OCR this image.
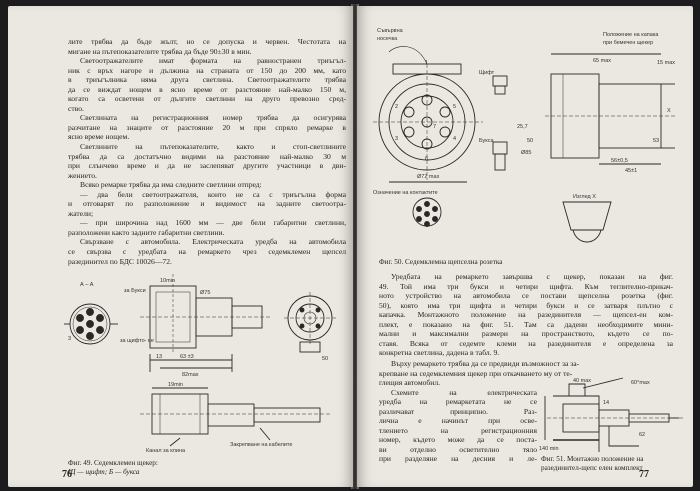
лите трябва да бъде жълт, но се допуска и червен. Честотата на
мигане на пътепоказателите трябва да бъде 90±30 в мин.
Светоотражателите имат формата на равностранен триъгъл-
ник с връх нагоре и дължина на страната от 150 до 200 мм, като
в триъгълника няма друга светлина. Светоотражателите трябва
да се виждат нощем в ясно време от разстояние най-малко 150 м,
когато са осветени от дългите светлини на друго превозно сред-
ство.
Светлината на регистрационния номер трябва да осигурява
разчитане на знаците от разстояние 20 м при спряло ремарке в
ясно време нощем.
Светлините на пътепоказателите, както и стоп-светлините
трябва да са достатъчно видими на разстояние най-малко 30 м
при слънчево време и да не заслепяват другите участници в дви-
жението.
Всяко ремарке трябва да има следните светлини отпред:
— два бели светоотражателя, които не са с триъгълна форма
и отговарят по разположение и видимост на задните светоотра-
жатели;
— при широчина над 1600 мм — две бели габаритни светлини,
разположени както задните габаритни светлини.
Свързване с автомобила. Електрическата уредба на автомобила
се свързва с уредбата на ремаркето чрез седемклемен щепсел
разединител по БДС 10026—72.
А – А
за Букси
за щифто- ве
10min
63 ±3
13
82max
19min
Ø75
50
3
Канал за клина
Закрепване на кабелите
Фиг. 49. Седемклемен щекер:
Щ — щифт; Б — букса
76
Съвървна
носечка
Положение на капака
при бемечен щекер
65 max	15 max
25,7
50
Ø72 max
45±1
Ø85
56±0,5
53
Букса
Щифт
Означение на контактите
Изглед X
X
1
2
3	4
5
6
7
Фиг. 50. Седемклемна щепселна розетка
Уредбата на ремаркето завършва с щекер, показан на фиг.
49. Той има три букси и четири щифта. Към теглително-прикач-
ното устройство на автомобила се постави щепселна розетка (фиг.
50), която има три щифта и четири букси и се затваря плътно с
капачка. Монтажното положение на разединителя — щепсел-ен ком-
плект, е показано на фиг. 51. Там са дадени необходимите мини-
мални и максимални размери на пространството, където се по-
ставя. Всяка от седемте клеми на разединителя е определена за
конкретна светлина, дадена в табл. 9.
Върху ремаркето трябва да се предвиди възможност за за-
крепване на седемклемния щекер при откачването му от те-
глещия автомобил.
Схемите на електрическата
уредба на ремаркетата не се
различават принципно. Раз-
лична е начинът при осве-
тлението на регистрационния
номер, където може да се поста-
ви отделно осветително тяло
при разделяне на десния и ле-
40 max	60°max
140 min
14
62
Фиг. 51. Монтажно положение на
разединител-щепс елен комплект
77
